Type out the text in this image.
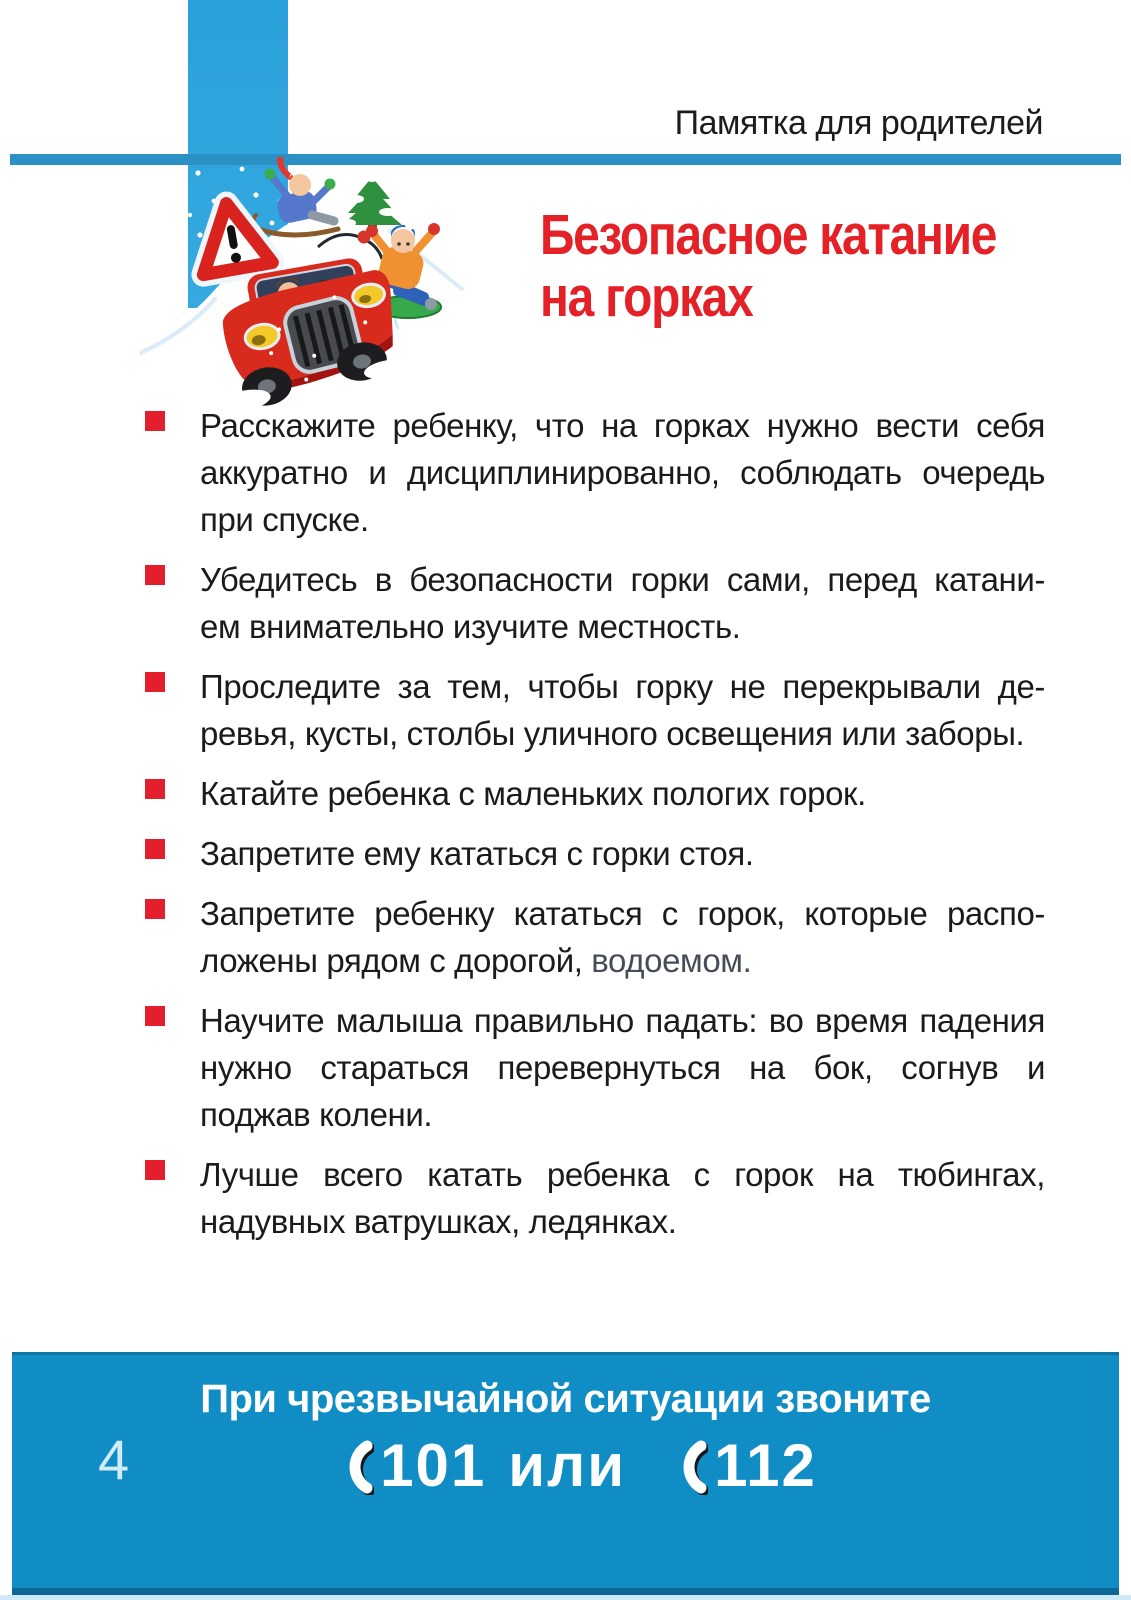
Памятка для родителей
Безопасное катание
на горках
Расскажите ребенку, что на горках нужно вести себя
аккуратно и дисциплинированно, соблюдать очередь
при спуске.
Убедитесь в безопасности горки сами, перед катани-
ем внимательно изучите местность.
Проследите за тем, чтобы горку не перекрывали де-
ревья, кусты, столбы уличного освещения или заборы.
Катайте ребенка с маленьких пологих горок.
Запретите ему кататься с горки стоя.
Запретите ребенку кататься с горок, которые распо-
ложены рядом с дорогой, водоемом.
Научите малыша правильно падать: во время падения
нужно стараться перевернуться на бок, согнув и
поджав колени.
Лучше всего катать ребенка с горок на тюбингах,
надувных ватрушках, ледянках.
При чрезвычайной ситуации звоните
101 или 112
4
